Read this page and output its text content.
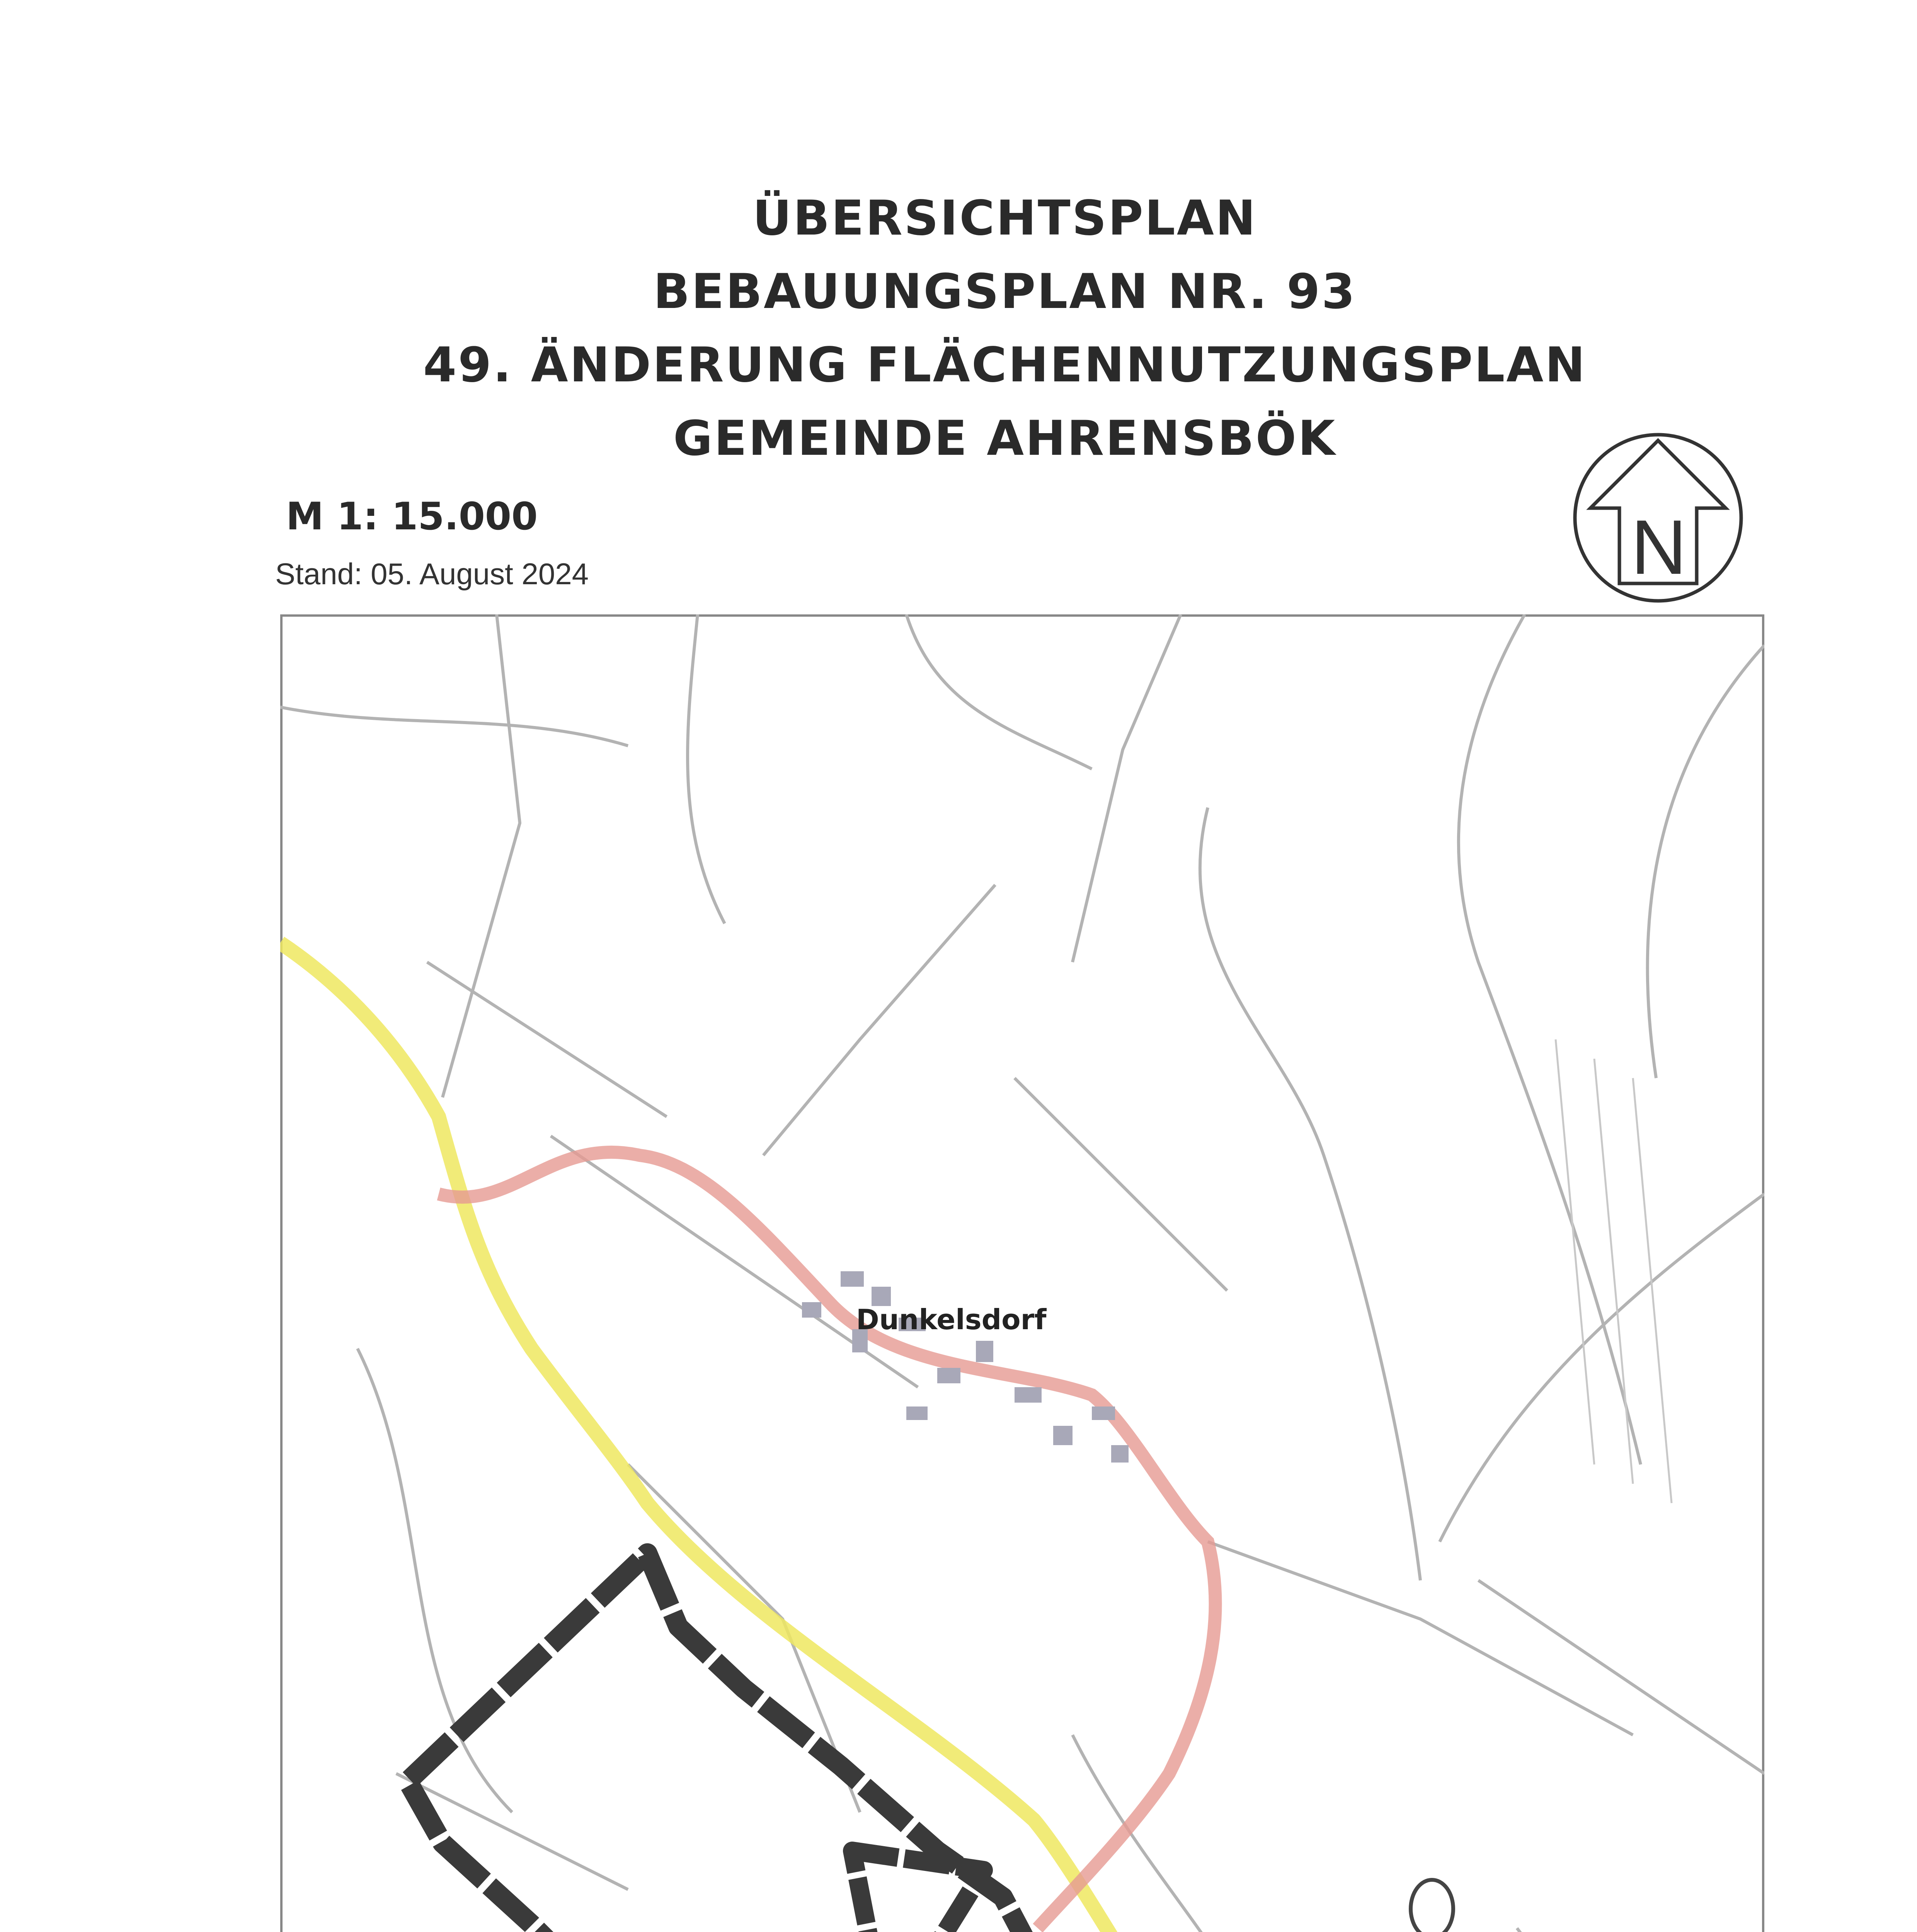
ÜBERSICHTSPLAN
BEBAUUNGSPLAN NR. 93
49. ÄNDERUNG FLÄCHENNUTZUNGSPLAN
GEMEINDE AHRENSBÖK
M 1: 15.000
Stand: 05. August 2024	N
Dunkelsdorf
